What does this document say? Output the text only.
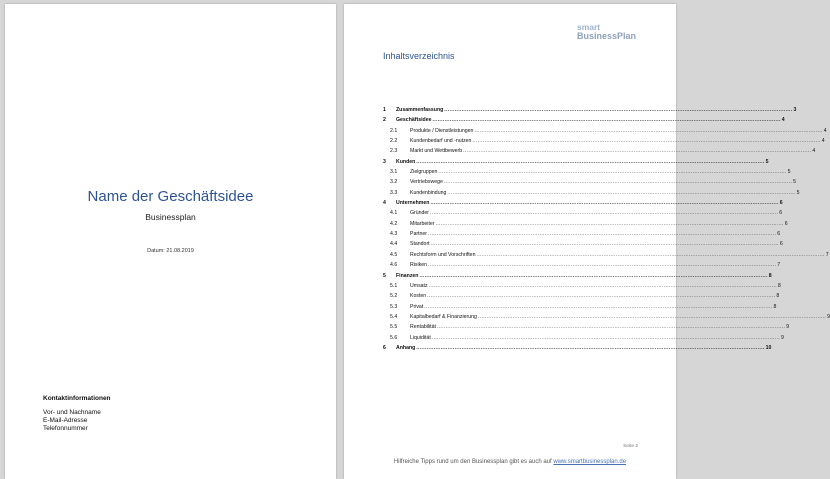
Name der Geschäftsidee
Businessplan
Datum: 21.08.2019
Kontaktinformationen
Vor- und Nachname
E-Mail-Adresse
Telefonnummer
smart
BusinessPlan
Inhaltsverzeichnis
1	Zusammenfassung ........................................................................................................................................................................................................ 3
2	Geschäftsidee ........................................................................................................................................................................................................ 4
2.1	Produkte / Dienstleistungen ........................................................................................................................................................................................................ 4
2.2	Kundenbedarf und -nutzen ........................................................................................................................................................................................................ 4
2.3	Markt und Wettbewerb ........................................................................................................................................................................................................ 4
3	Kunden ........................................................................................................................................................................................................ 5
3.1	Zielgruppen ........................................................................................................................................................................................................ 5
3.2	Vertriebswege ........................................................................................................................................................................................................ 5
3.3	Kundenbindung ........................................................................................................................................................................................................ 5
4	Unternehmen ........................................................................................................................................................................................................ 6
4.1	Gründer ........................................................................................................................................................................................................ 6
4.2	Mitarbeiter ........................................................................................................................................................................................................ 6
4.3	Partner ........................................................................................................................................................................................................ 6
4.4	Standort ........................................................................................................................................................................................................ 6
4.5	Rechtsform und Vorschriften ........................................................................................................................................................................................................ 7
4.6	Risiken ........................................................................................................................................................................................................ 7
5	Finanzen ........................................................................................................................................................................................................ 8
5.1	Umsatz ........................................................................................................................................................................................................ 8
5.2	Kosten ........................................................................................................................................................................................................ 8
5.3	Privat ........................................................................................................................................................................................................ 8
5.4	Kapitalbedarf & Finanzierung ........................................................................................................................................................................................................ 9
5.5	Rentabilität ........................................................................................................................................................................................................ 9
5.6	Liquidität ........................................................................................................................................................................................................ 9
6	Anhang ........................................................................................................................................................................................................ 10
Seite 2
Hilfreiche Tipps rund um den Businessplan gibt es auch auf www.smartbusinessplan.de
